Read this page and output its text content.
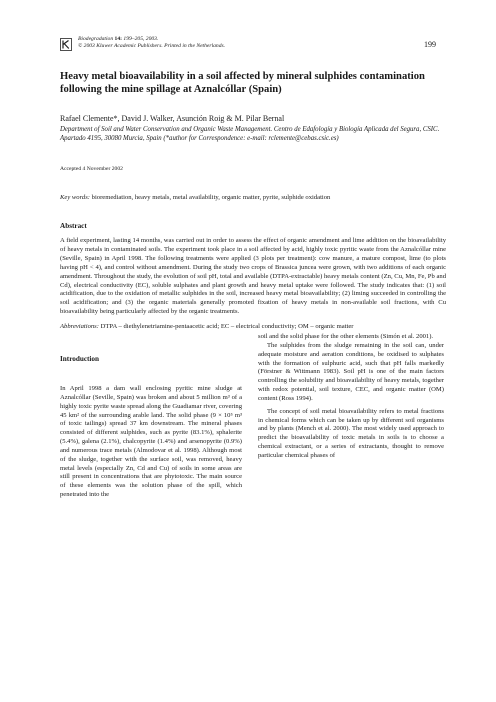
Biodegradation 14: 199–205, 2003.
© 2003 Kluwer Academic Publishers. Printed in the Netherlands.	199
Heavy metal bioavailability in a soil affected by mineral sulphides contamination following the mine spillage at Aznalcóllar (Spain)
Rafael Clemente*, David J. Walker, Asunción Roig & M. Pilar Bernal
Department of Soil and Water Conservation and Organic Waste Management. Centro de Edafología y Biología Aplicada del Segura, CSIC. Apartado 4195, 30080 Murcia, Spain (*author for Correspondence: e-mail: rclemente@cebas.csic.es)
Accepted 4 November 2002
Key words: bioremediation, heavy metals, metal availability, organic matter, pyrite, sulphide oxidation
Abstract
A field experiment, lasting 14 months, was carried out in order to assess the effect of organic amendment and lime addition on the bioavailability of heavy metals in contaminated soils. The experiment took place in a soil affected by acid, highly toxic pyritic waste from the Aznalcóllar mine (Seville, Spain) in April 1998. The following treatments were applied (3 plots per treatment): cow manure, a mature compost, lime (to plots having pH < 4), and control without amendment. During the study two crops of Brassica juncea were grown, with two additions of each organic amendment. Throughout the study, the evolution of soil pH, total and available (DTPA-extractable) heavy metals content (Zn, Cu, Mn, Fe, Pb and Cd), electrical conductivity (EC), soluble sulphates and plant growth and heavy metal uptake were followed. The study indicates that: (1) soil acidification, due to the oxidation of metallic sulphides in the soil, increased heavy metal bioavailability; (2) liming succeeded in controlling the soil acidification; and (3) the organic materials generally promoted fixation of heavy metals in non-available soil fractions, with Cu bioavailability being particularly affected by the organic treatments.
Abbreviations: DTPA – diethylenetriamine-pentaacetic acid; EC – electrical conductivity; OM – organic matter
Introduction

In April 1998 a dam wall enclosing pyritic mine sludge at Aznalcóllar (Seville, Spain) was broken and about 5 million m³ of a highly toxic pyrite waste spread along the Guadiamar river, covering 45 km² of the surrounding arable land. The solid phase (9 × 10⁵ m³ of toxic tailings) spread 37 km downstream. The mineral phases consisted of different sulphides, such as pyrite (83.1%), sphalerite (5.4%), galena (2.1%), chalcopyrite (1.4%) and arsenopyrite (0.9%) and numerous trace metals (Almodovar et al. 1998). Although most of the sludge, together with the surface soil, was removed, heavy metal levels (especially Zn, Cd and Cu) of soils in some areas are still present in concentrations that are phytotoxic. The main source of these elements was the solution phase of the spill, which penetrated into the

soil and the solid phase for the other elements (Simón et al. 2001).

The sulphides from the sludge remaining in the soil can, under adequate moisture and aeration conditions, be oxidised to sulphates with the formation of sulphuric acid, such that pH falls markedly (Förstner & Wittmann 1983). Soil pH is one of the main factors controlling the solubility and bioavailability of heavy metals, together with redox potential, soil texture, CEC, and organic matter (OM) content (Ross 1994).

The concept of soil metal bioavailability refers to metal fractions in chemical forms which can be taken up by different soil organisms and by plants (Mench et al. 2000). The most widely used approach to predict the bioavailability of toxic metals in soils is to choose a chemical extractant, or a series of extractants, thought to remove particular chemical phases of
